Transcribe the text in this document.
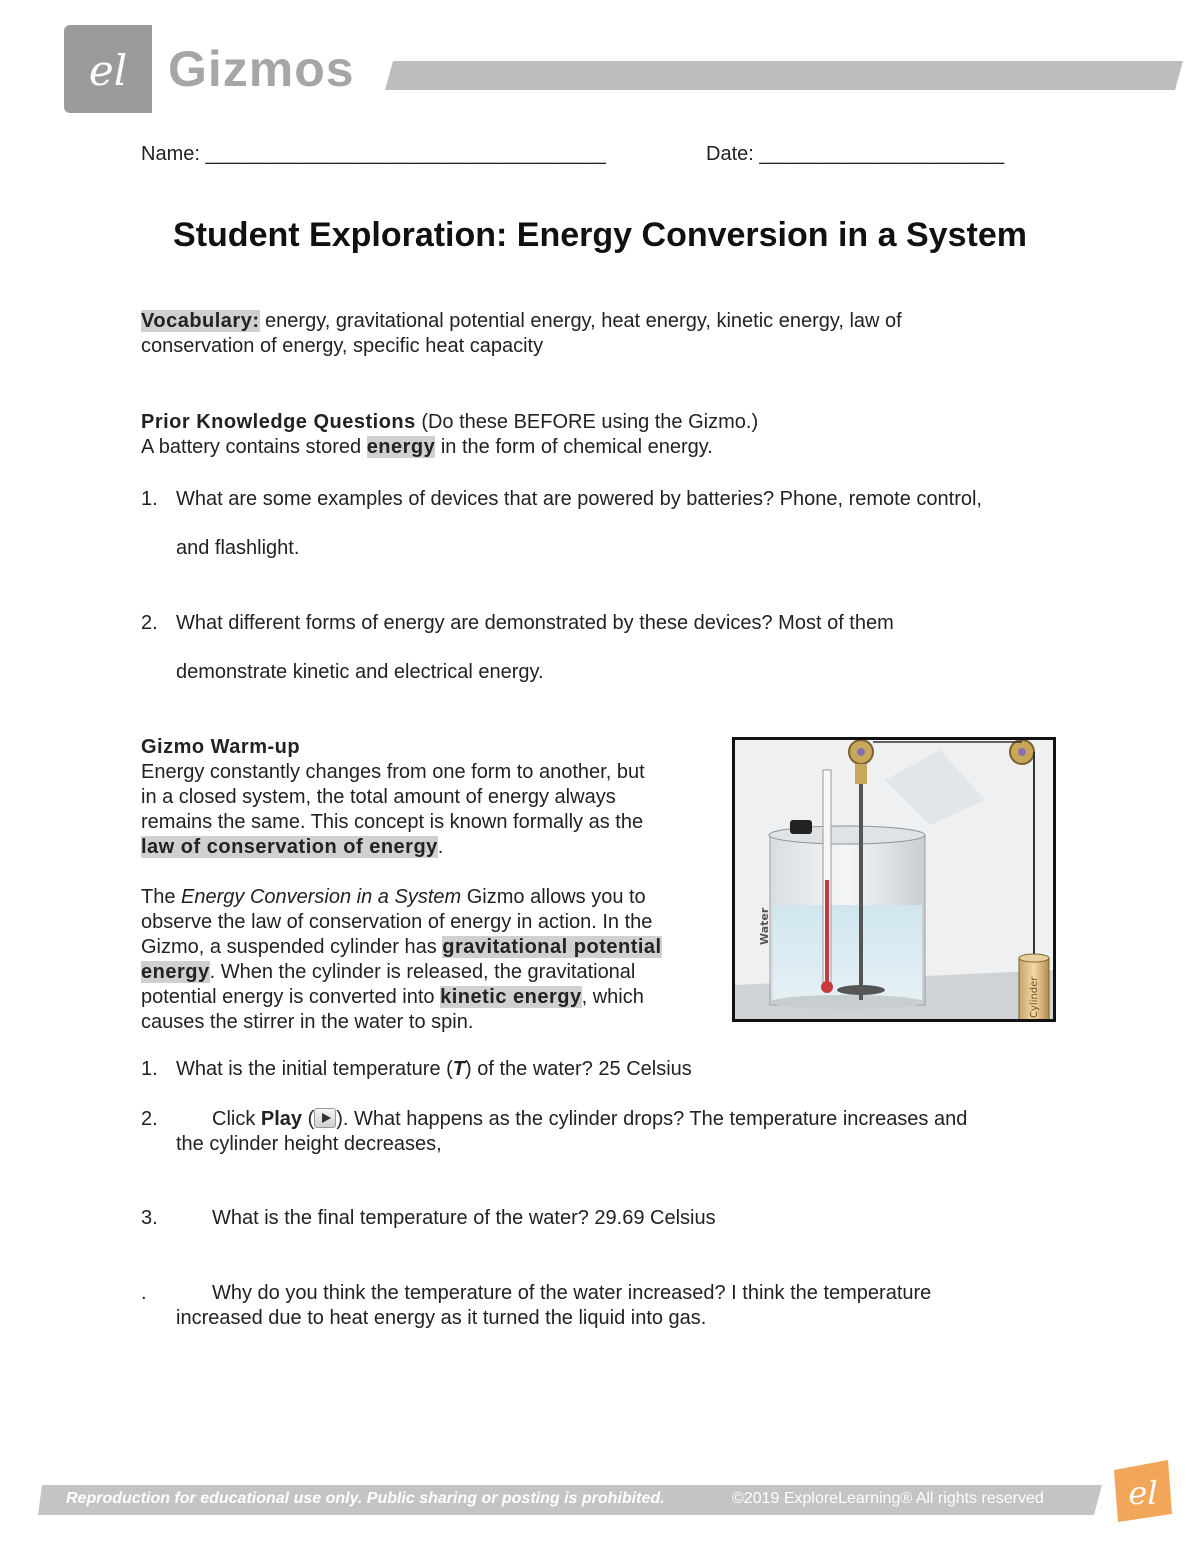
el Gizmos
Name: ____________________________________	Date: ______________________
Student Exploration: Energy Conversion in a System
Vocabulary: energy, gravitational potential energy, heat energy, kinetic energy, law of
conservation of energy, specific heat capacity
Prior Knowledge Questions (Do these BEFORE using the Gizmo.)
A battery contains stored energy in the form of chemical energy.
1. What are some examples of devices that are powered by batteries? Phone, remote control,
and flashlight.
2. What different forms of energy are demonstrated by these devices? Most of them
demonstrate kinetic and electrical energy.
Gizmo Warm-up
Energy constantly changes from one form to another, but
in a closed system, the total amount of energy always
remains the same. This concept is known formally as the
law of conservation of energy.
The Energy Conversion in a System Gizmo allows you to
observe the law of conservation of energy in action. In the
Gizmo, a suspended cylinder has gravitational potential
energy. When the cylinder is released, the gravitational
potential energy is converted into kinetic energy, which
causes the stirrer in the water to spin.
Water
Cylinder
1. What is the initial temperature (T) of the water? 25 Celsius
2.	Click Play ( ). What happens as the cylinder drops? The temperature increases and
the cylinder height decreases,
3.	What is the final temperature of the water? 29.69 Celsius
.	Why do you think the temperature of the water increased? I think the temperature
increased due to heat energy as it turned the liquid into gas.
Reproduction for educational use only. Public sharing or posting is prohibited.	©2019 ExploreLearning® All rights reserved	el
